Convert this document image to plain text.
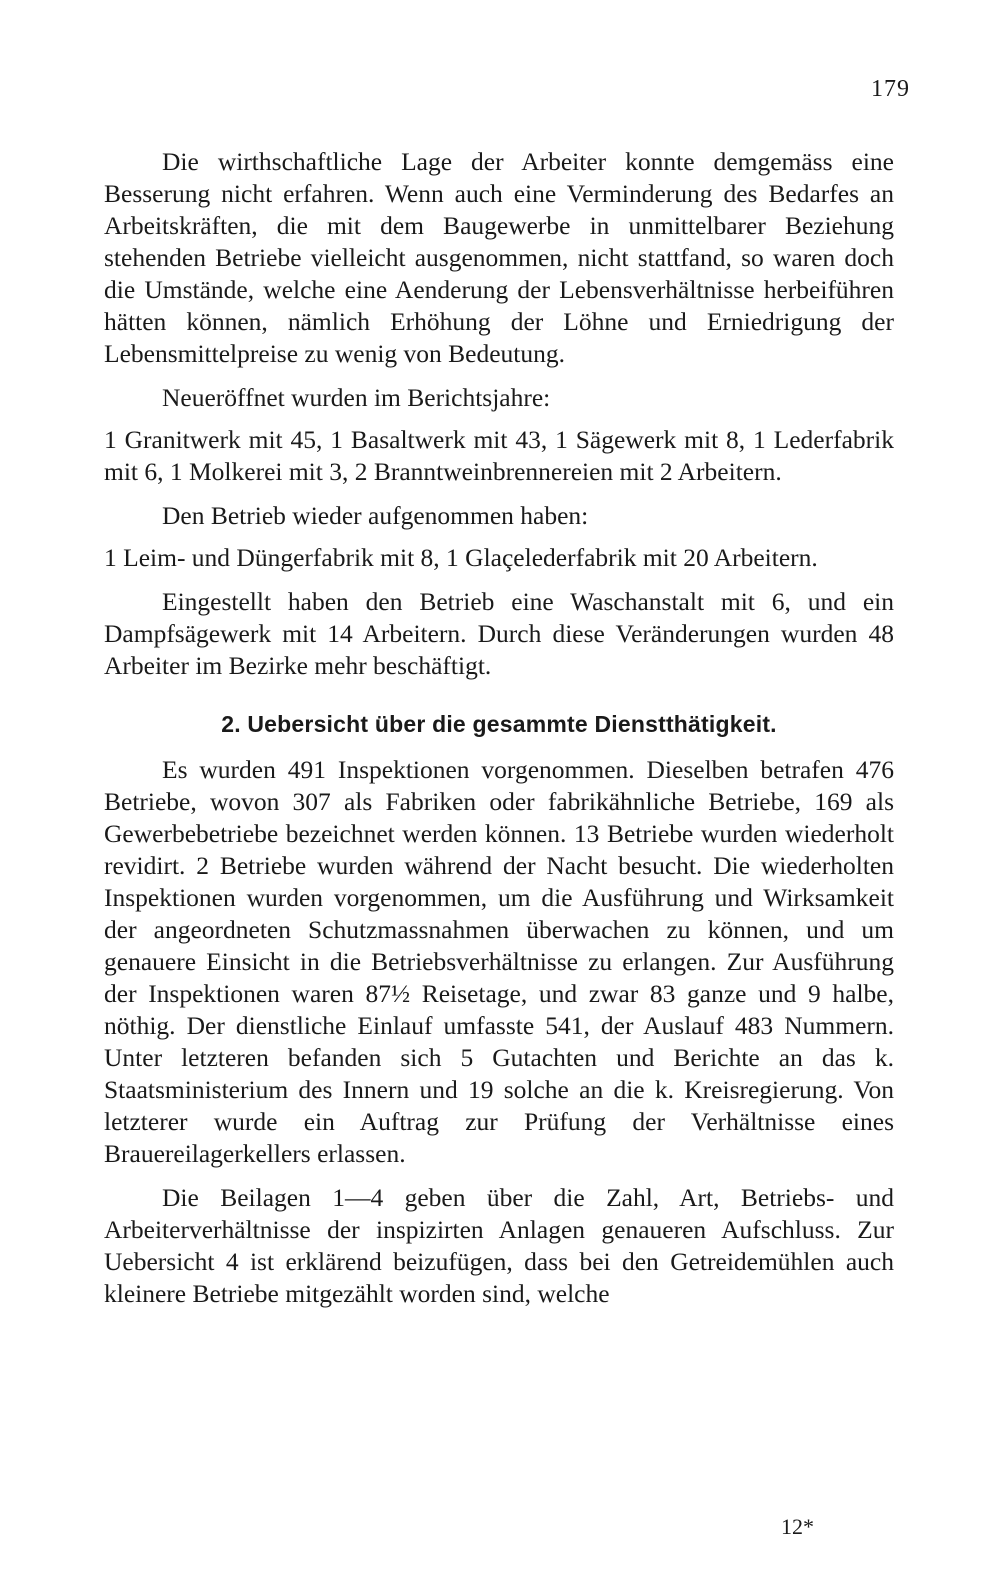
179

Die wirthschaftliche Lage der Arbeiter konnte demgemäss eine Besserung nicht erfahren. Wenn auch eine Verminderung des Bedarfes an Arbeitskräften, die mit dem Baugewerbe in unmittelbarer Beziehung stehenden Betriebe vielleicht ausgenommen, nicht stattfand, so waren doch die Umstände, welche eine Aenderung der Lebensverhältnisse herbeiführen hätten können, nämlich Erhöhung der Löhne und Erniedrigung der Lebensmittelpreise zu wenig von Bedeutung.

Neueröffnet wurden im Berichtsjahre:

1 Granitwerk mit 45, 1 Basaltwerk mit 43, 1 Sägewerk mit 8, 1 Lederfabrik mit 6, 1 Molkerei mit 3, 2 Branntweinbrennereien mit 2 Arbeitern.

Den Betrieb wieder aufgenommen haben:

1 Leim- und Düngerfabrik mit 8, 1 Glaçelederfabrik mit 20 Arbeitern.

Eingestellt haben den Betrieb eine Waschanstalt mit 6, und ein Dampfsägewerk mit 14 Arbeitern. Durch diese Veränderungen wurden 48 Arbeiter im Bezirke mehr beschäftigt.

2. Uebersicht über die gesammte Dienstthätigkeit.

Es wurden 491 Inspektionen vorgenommen. Dieselben betrafen 476 Betriebe, wovon 307 als Fabriken oder fabrikähnliche Betriebe, 169 als Gewerbebetriebe bezeichnet werden können. 13 Betriebe wurden wiederholt revidirt. 2 Betriebe wurden während der Nacht besucht. Die wiederholten Inspektionen wurden vorgenommen, um die Ausführung und Wirksamkeit der angeordneten Schutzmassnahmen überwachen zu können, und um genauere Einsicht in die Betriebsverhältnisse zu erlangen. Zur Ausführung der Inspektionen waren 87½ Reisetage, und zwar 83 ganze und 9 halbe, nöthig. Der dienstliche Einlauf umfasste 541, der Auslauf 483 Nummern. Unter letzteren befanden sich 5 Gutachten und Berichte an das k. Staatsministerium des Innern und 19 solche an die k. Kreisregierung. Von letzterer wurde ein Auftrag zur Prüfung der Verhältnisse eines Brauereilagerkellers erlassen.

Die Beilagen 1—4 geben über die Zahl, Art, Betriebs- und Arbeiterverhältnisse der inspizirten Anlagen genaueren Aufschluss. Zur Uebersicht 4 ist erklärend beizufügen, dass bei den Getreidemühlen auch kleinere Betriebe mitgezählt worden sind, welche

12*
